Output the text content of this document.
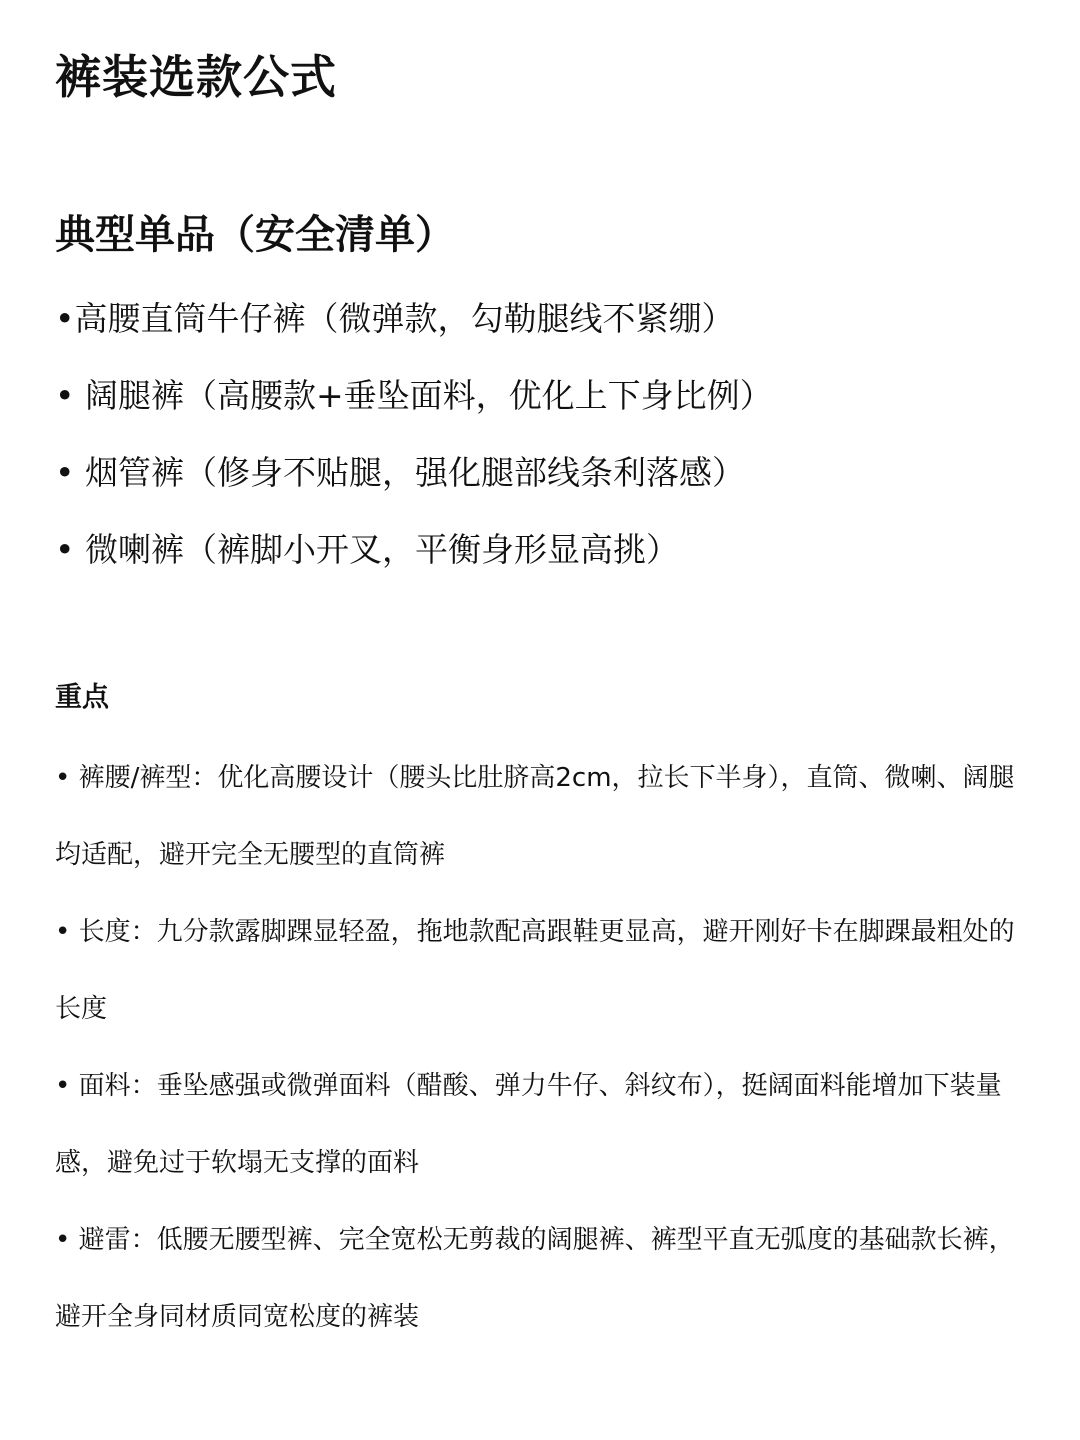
裤装选款公式
典型单品（安全清单）
•高腰直筒牛仔裤（微弹款，勾勒腿线不紧绷）
• 阔腿裤（高腰款+垂坠面料，优化上下身比例）
• 烟管裤（修身不贴腿，强化腿部线条利落感）
• 微喇裤（裤脚小开叉，平衡身形显高挑）
重点

• 裤腰/裤型：优化高腰设计（腰头比肚脐高2cm，拉长下半身），直筒、微喇、阔腿均适配，避开完全无腰型的直筒裤

• 长度：九分款露脚踝显轻盈，拖地款配高跟鞋更显高，避开刚好卡在脚踝最粗处的长度

• 面料：垂坠感强或微弹面料（醋酸、弹力牛仔、斜纹布），挺阔面料能增加下装量感，避免过于软塌无支撑的面料

• 避雷：低腰无腰型裤、完全宽松无剪裁的阔腿裤、裤型平直无弧度的基础款长裤，避开全身同材质同宽松度的裤装
